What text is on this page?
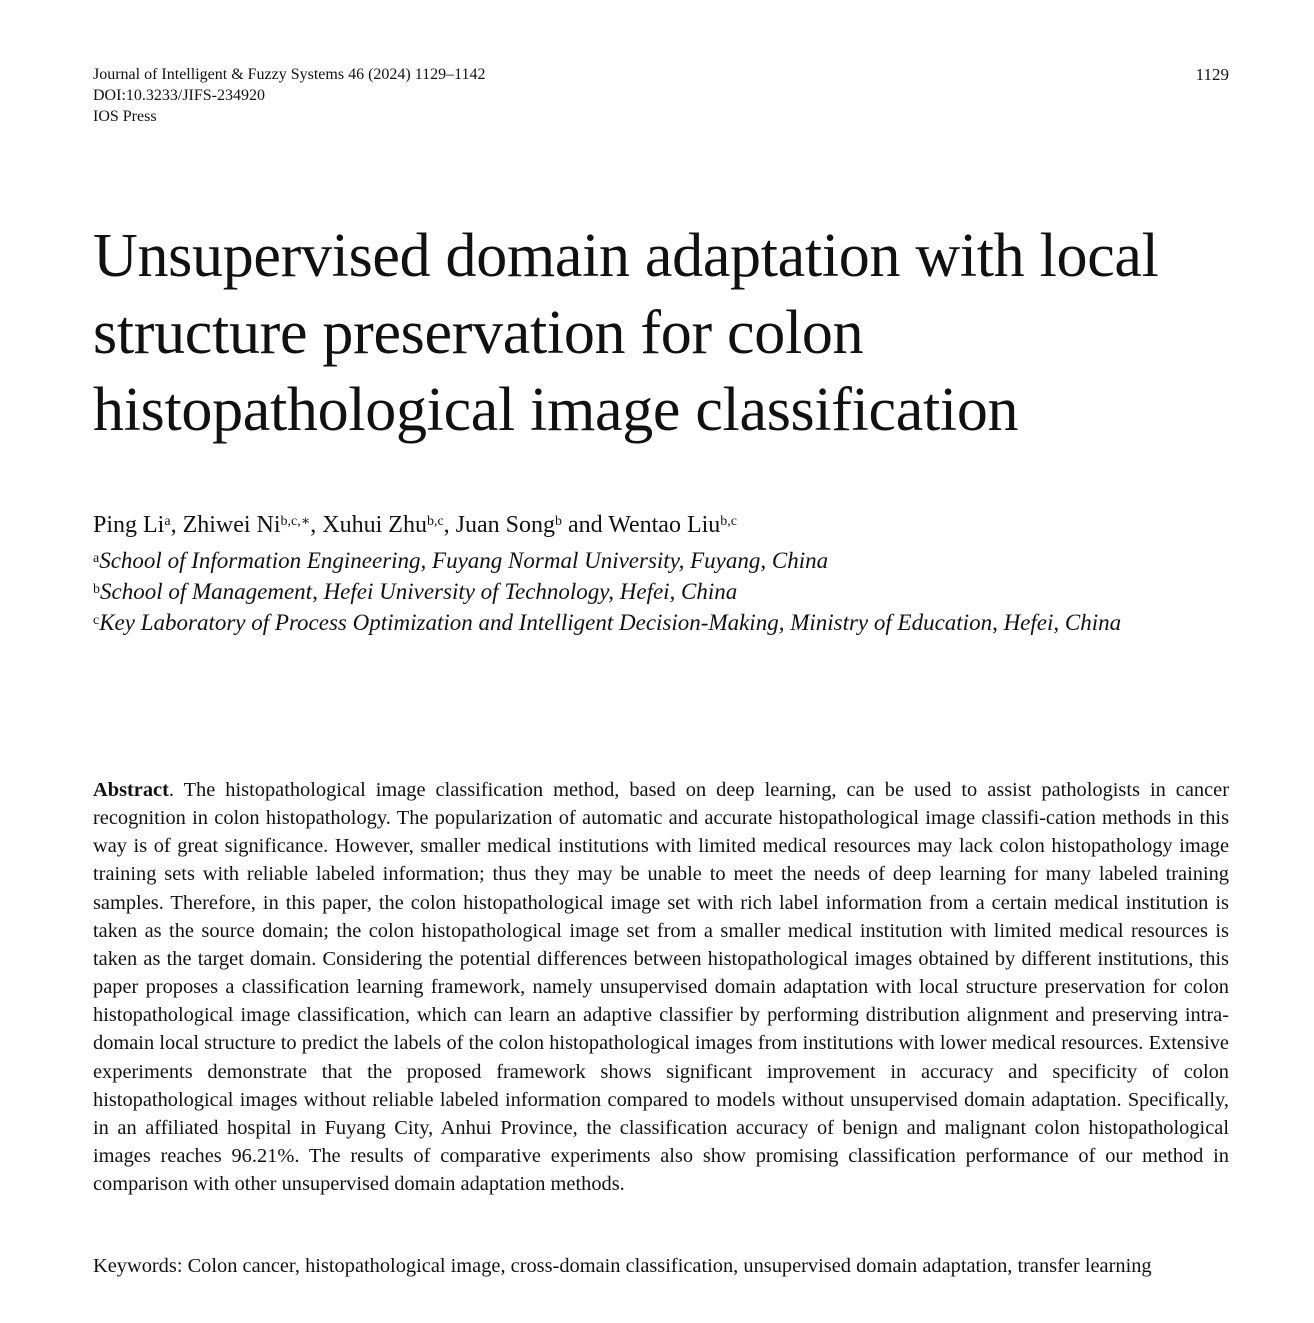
Journal of Intelligent & Fuzzy Systems 46 (2024) 1129–1142
DOI:10.3233/JIFS-234920
IOS Press
1129
Unsupervised domain adaptation with local
structure preservation for colon
histopathological image classification
Ping Li$^a$, Zhiwei $Ni^{b,c,∗}$, Xuhui Zhu$^{b,c}$, Juan Song$^b$ and Wentao Liu$^{b,c}$
$^a$School of Information Engineering, Fuyang Normal University, Fuyang, China
$^b$School of Management, Hefei University of Technology, Hefei, China
$^c$Key Laboratory of Process Optimization and Intelligent Decision-Making, Ministry of Education, Hefei, China

Abstract. The histopathological image classification method, based on deep learning, can be used to assist pathologists in cancer recognition in colon histopathology. The popularization of automatic and accurate histopathological image classifi-cation methods in this way is of great significance. However, smaller medical institutions with limited medical resources may lack colon histopathology image training sets with reliable labeled information; thus they may be unable to meet the needs of deep learning for many labeled training samples. Therefore, in this paper, the colon histopathological image set with rich label information from a certain medical institution is taken as the source domain; the colon histopathological image set from a smaller medical institution with limited medical resources is taken as the target domain. Considering the potential differences between histopathological images obtained by different institutions, this paper proposes a classification learning framework, namely unsupervised domain adaptation with local structure preservation for colon histopathological image classification, which can learn an adaptive classifier by performing distribution alignment and preserving intra-domain local structure to predict the labels of the colon histopathological images from institutions with lower medical resources. Extensive experiments demonstrate that the proposed framework shows significant improvement in accuracy and specificity of colon histopathological images without reliable labeled information compared to models without unsupervised domain adaptation. Specifically, in an affiliated hospital in Fuyang City, Anhui Province, the classification accuracy of benign and malignant colon histopathological images reaches 96.21%. The results of comparative experiments also show promising classification performance of our method in comparison with other unsupervised domain adaptation methods.

Keywords: Colon cancer, histopathological image, cross-domain classification, unsupervised domain adaptation, transfer learning
